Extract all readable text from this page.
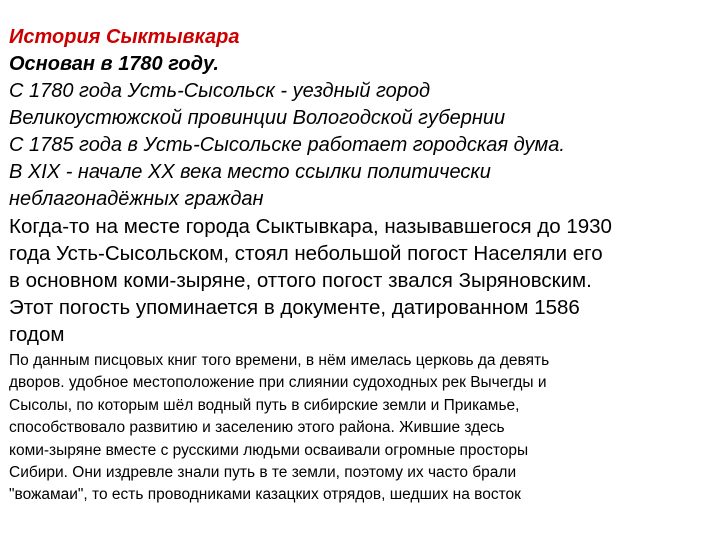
История Сыктывкара

Основан в 1780 году.

С 1780 года Усть-Сысольск - уездный город
Великоустюжской провинции Вологодской губернии

С 1785 года в Усть-Сысольске работает городская дума.

В XIX - начале XX века место ссылки политически
неблагонадёжных граждан

Когда-то на месте города Сыктывкара, называвшегося до 1930
года Усть-Сысольском, стоял небольшой погост Населяли его
в основном коми-зыряне, оттого погост звался Зыряновским.
Этот погость упоминается в документе, датированном 1586
годом

По данным писцовых книг того времени, в нём имелась церковь да девять
дворов. удобное местоположение при слиянии судоходных рек Вычегды и
Сысолы, по которым шёл водный путь в сибирские земли и Прикамье,
способствовало развитию и заселению этого района. Жившие здесь
коми-зыряне вместе с русскими людьми осваивали огромные просторы
Сибири. Они издревле знали путь в те земли, поэтому их часто брали
"вожамаи", то есть проводниками казацких отрядов, шедших на восток
